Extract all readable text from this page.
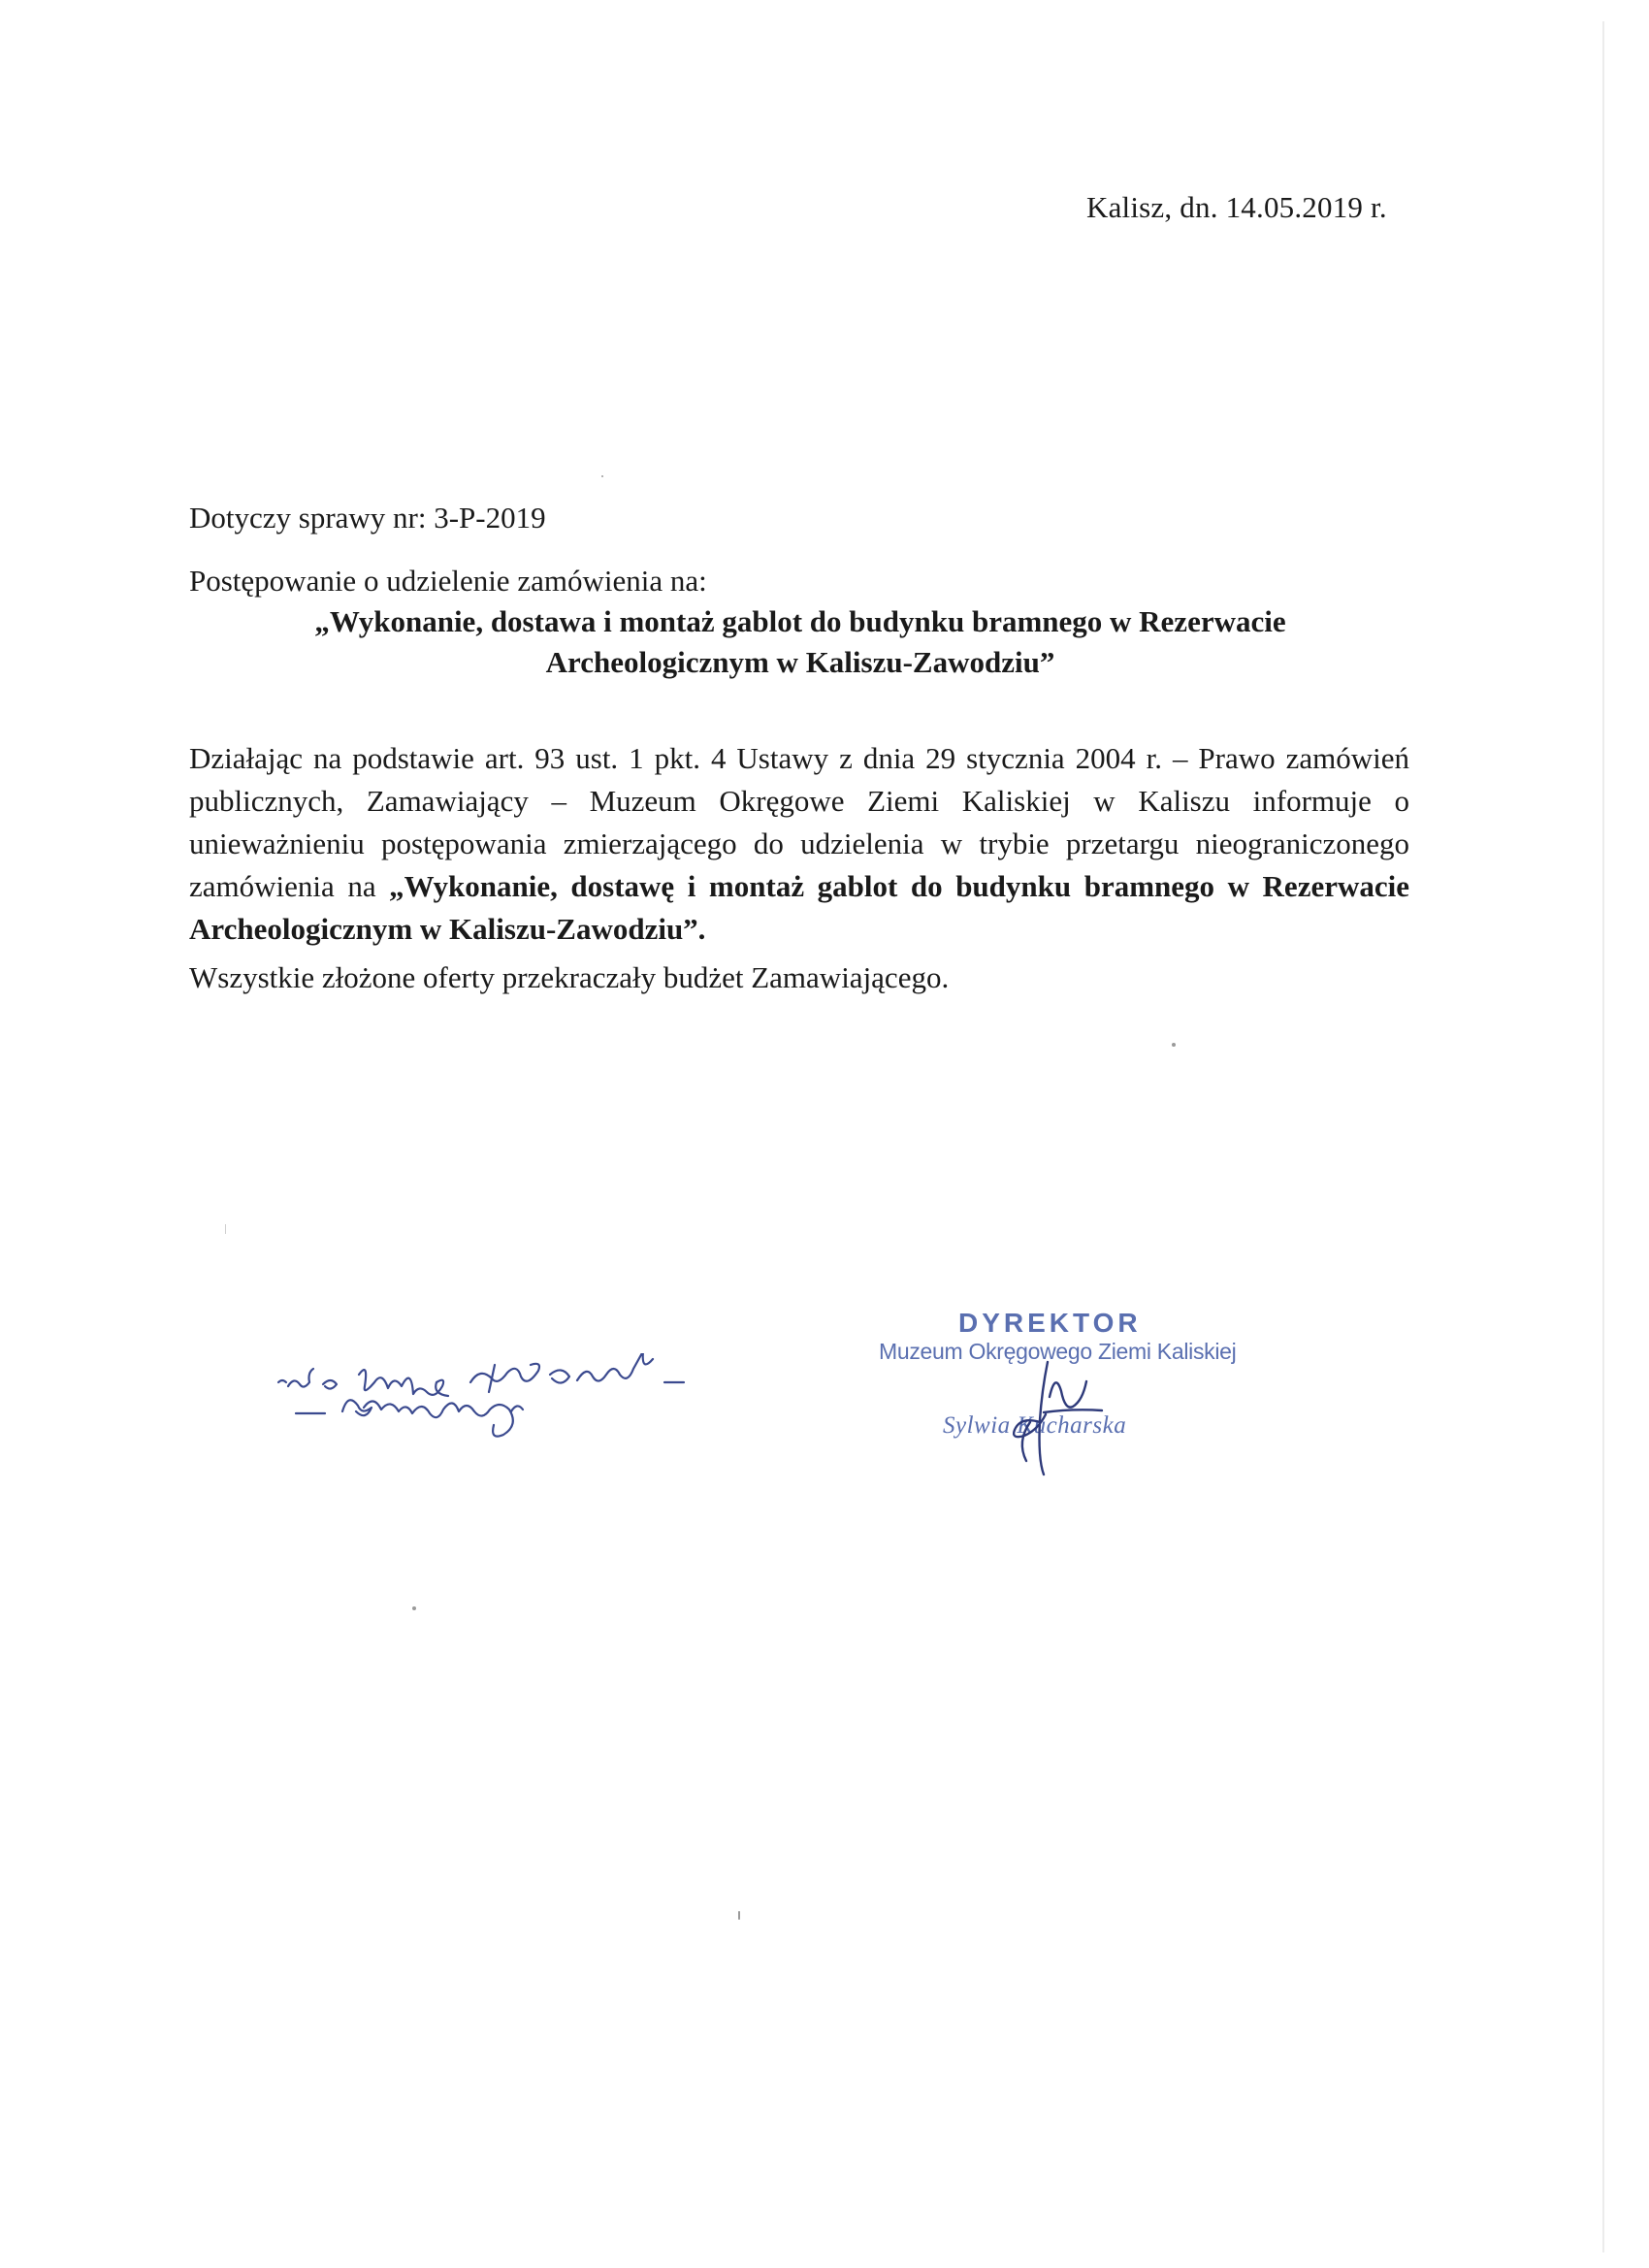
Kalisz, dn. 14.05.2019 r.
Dotyczy sprawy nr: 3-P-2019
Postępowanie o udzielenie zamówienia na:
„Wykonanie, dostawa i montaż gablot do budynku bramnego w Rezerwacie
Archeologicznym w Kaliszu-Zawodziu”
Działając na podstawie art. 93 ust. 1 pkt. 4 Ustawy z dnia 29 stycznia 2004 r. – Prawo zamówień publicznych, Zamawiający – Muzeum Okręgowe Ziemi Kaliskiej w Kaliszu informuje o unieważnieniu postępowania zmierzającego do udzielenia w trybie przetargu nieograniczonego zamówienia na „Wykonanie, dostawę i montaż gablot do budynku bramnego w Rezerwacie Archeologicznym w Kaliszu-Zawodziu”.
Wszystkie złożone oferty przekraczały budżet Zamawiającego.
DYREKTOR
Muzeum Okręgowego Ziemi Kaliskiej
Sylwia Kucharska
